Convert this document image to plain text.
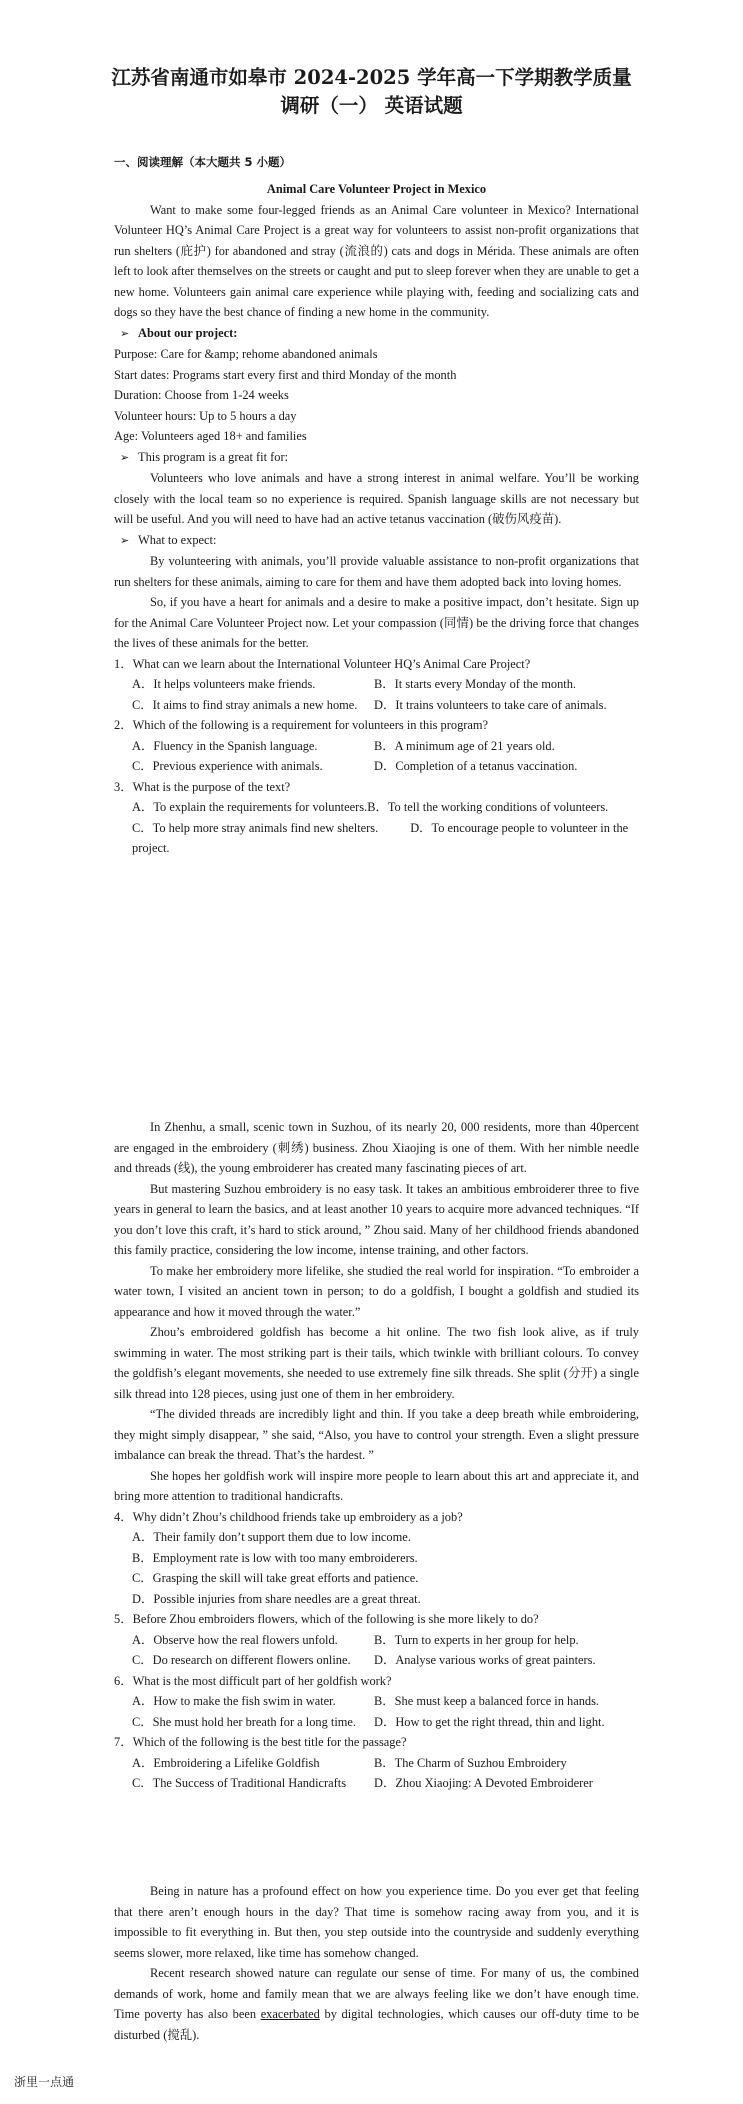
江苏省南通市如皋市 2024-2025 学年高一下学期教学质量
调研（一） 英语试题
一、阅读理解（本大题共 5 小题）

Animal Care Volunteer Project in Mexico

Want to make some four-legged friends as an Animal Care volunteer in Mexico? International Volunteer HQ’s Animal Care Project is a great way for volunteers to assist non-profit organizations that run shelters (庇护) for abandoned and stray (流浪的) cats and dogs in Mérida. These animals are often left to look after themselves on the streets or caught and put to sleep forever when they are unable to get a new home. Volunteers gain animal care experience while playing with, feeding and socializing cats and dogs so they have the best chance of finding a new home in the community.

➢ About our project:

Purpose: Care for &amp; rehome abandoned animals

Start dates: Programs start every first and third Monday of the month

Duration: Choose from 1-24 weeks

Volunteer hours: Up to 5 hours a day

Age: Volunteers aged 18+ and families

➢ This program is a great fit for:

Volunteers who love animals and have a strong interest in animal welfare. You’ll be working closely with the local team so no experience is required. Spanish language skills are not necessary but will be useful. And you will need to have had an active tetanus vaccination (破伤风疫苗).

➢ What to expect:

By volunteering with animals, you’ll provide valuable assistance to non-profit organizations that run shelters for these animals, aiming to care for them and have them adopted back into loving homes.

So, if you have a heart for animals and a desire to make a positive impact, don’t hesitate. Sign up for the Animal Care Volunteer Project now. Let your compassion (同情) be the driving force that changes the lives of these animals for the better.

1．What can we learn about the International Volunteer HQ’s Animal Care Project?

A．It helps volunteers make friends.	B．It starts every Monday of the month.
C．It aims to find stray animals a new home.	D．It trains volunteers to take care of animals.

2．Which of the following is a requirement for volunteers in this program?

A．Fluency in the Spanish language.	B．A minimum age of 21 years old.
C．Previous experience with animals.	D．Completion of a tetanus vaccination.

3．What is the purpose of the text?

A．To explain the requirements for volunteers.B．To tell the working conditions of volunteers.

C．To help more stray animals find new shelters.	D．To encourage people to volunteer in the project.

In Zhenhu, a small, scenic town in Suzhou, of its nearly 20, 000 residents, more than 40percent are engaged in the embroidery (刺绣) business. Zhou Xiaojing is one of them. With her nimble needle and threads (线), the young embroiderer has created many fascinating pieces of art.

But mastering Suzhou embroidery is no easy task. It takes an ambitious embroiderer three to five years in general to learn the basics, and at least another 10 years to acquire more advanced techniques. “If you don’t love this craft, it’s hard to stick around, ” Zhou said. Many of her childhood friends abandoned this family practice, considering the low income, intense training, and other factors.

To make her embroidery more lifelike, she studied the real world for inspiration. “To embroider a water town, I visited an ancient town in person; to do a goldfish, I bought a goldfish and studied its appearance and how it moved through the water.”

Zhou’s embroidered goldfish has become a hit online. The two fish look alive, as if truly swimming in water. The most striking part is their tails, which twinkle with brilliant colours. To convey the goldfish’s elegant movements, she needed to use extremely fine silk threads. She split (分开) a single silk thread into 128 pieces, using just one of them in her embroidery.

“The divided threads are incredibly light and thin. If you take a deep breath while embroidering, they might simply disappear, ” she said, “Also, you have to control your strength. Even a slight pressure imbalance can break the thread. That’s the hardest. ”

She hopes her goldfish work will inspire more people to learn about this art and appreciate it, and bring more attention to traditional handicrafts.

4．Why didn’t Zhou’s childhood friends take up embroidery as a job?

A．Their family don’t support them due to low income.

B．Employment rate is low with too many embroiderers.

C．Grasping the skill will take great efforts and patience.

D．Possible injuries from share needles are a great threat.

5．Before Zhou embroiders flowers, which of the following is she more likely to do?

A．Observe how the real flowers unfold.	B．Turn to experts in her group for help.
C．Do research on different flowers online.	D．Analyse various works of great painters.

6．What is the most difficult part of her goldfish work?

A．How to make the fish swim in water.	B．She must keep a balanced force in hands.
C．She must hold her breath for a long time.	D．How to get the right thread, thin and light.

7．Which of the following is the best title for the passage?

A．Embroidering a Lifelike Goldfish	B．The Charm of Suzhou Embroidery
C．The Success of Traditional Handicrafts	D．Zhou Xiaojing: A Devoted Embroiderer

Being in nature has a profound effect on how you experience time. Do you ever get that feeling that there aren’t enough hours in the day? That time is somehow racing away from you, and it is impossible to fit everything in. But then, you step outside into the countryside and suddenly everything seems slower, more relaxed, like time has somehow changed.

Recent research showed nature can regulate our sense of time. For many of us, the combined demands of work, home and family mean that we are always feeling like we don’t have enough time. Time poverty has also been exacerbated by digital technologies, which causes our off-duty time to be disturbed (搅乱).

浙里一点通
